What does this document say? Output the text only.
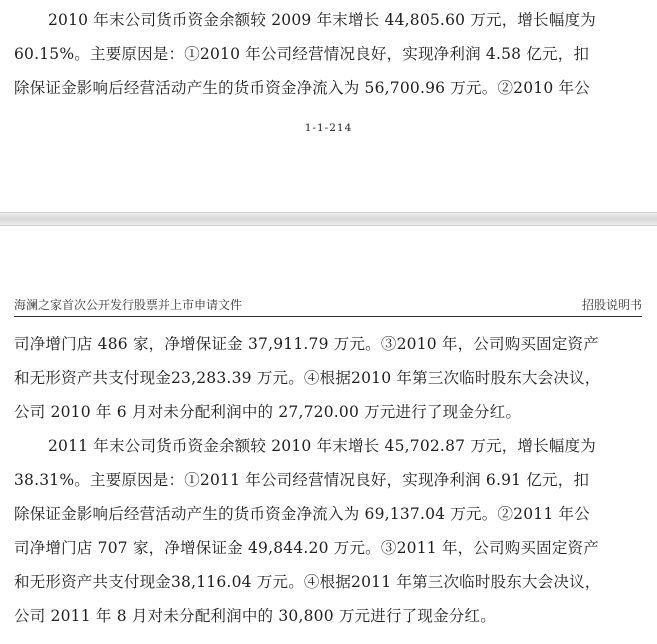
2010 年末公司货币资金余额较 2009 年末增长 44,805.60 万元，增长幅度为
60.15%。主要原因是：①2010 年公司经营情况良好，实现净利润 4.58 亿元，扣
除保证金影响后经营活动产生的货币资金净流入为 56,700.96 万元。②2010 年公
1-1-214
海澜之家首次公开发行股票并上市申请文件	招股说明书
司净增门店 486 家，净增保证金 37,911.79 万元。③2010 年，公司购买固定资产
和无形资产共支付现金23,283.39 万元。④根据2010 年第三次临时股东大会决议，
公司 2010 年 6 月对未分配利润中的 27,720.00 万元进行了现金分红。
2011 年末公司货币资金余额较 2010 年末增长 45,702.87 万元，增长幅度为
38.31%。主要原因是：①2011 年公司经营情况良好，实现净利润 6.91 亿元，扣
除保证金影响后经营活动产生的货币资金净流入为 69,137.04 万元。②2011 年公
司净增门店 707 家，净增保证金 49,844.20 万元。③2011 年，公司购买固定资产
和无形资产共支付现金38,116.04 万元。④根据2011 年第三次临时股东大会决议，
公司 2011 年 8 月对未分配利润中的 30,800 万元进行了现金分红。
